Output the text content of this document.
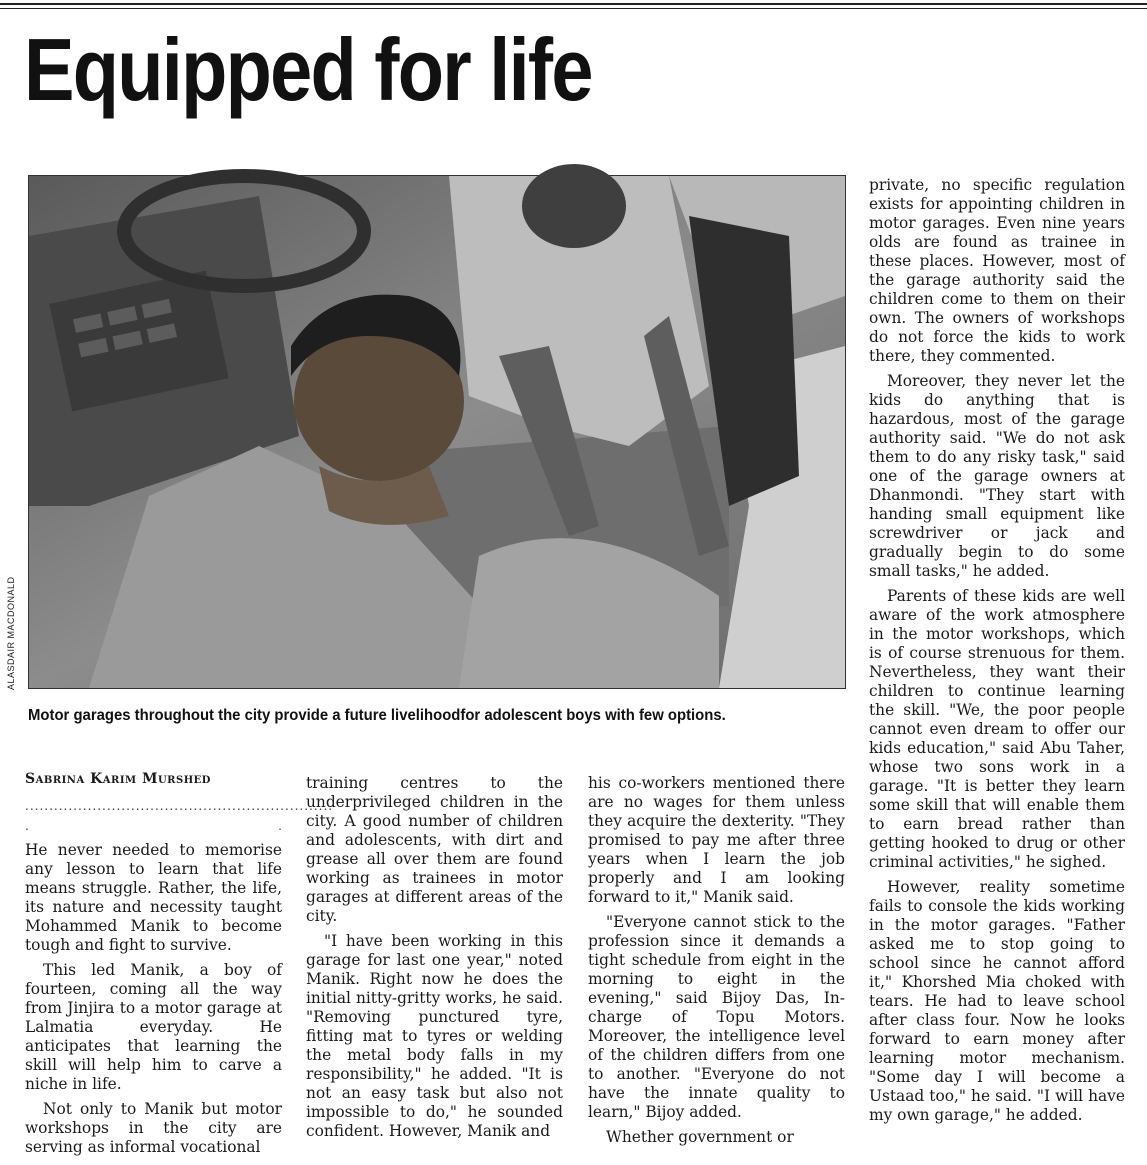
Equipped for life
ALASDAIR MACDONALD
Motor garages throughout the city provide a future livelihoodfor adolescent boys with few options.
Sabrina Karim Murshed
................................................................
.	.

He never needed to memorise any lesson to learn that life means struggle. Rather, the life, its nature and necessity taught Mohammed Manik to become tough and fight to survive.

This led Manik, a boy of fourteen, coming all the way from Jinjira to a motor garage at Lalmatia everyday. He anticipates that learning the skill will help him to carve a niche in life.

Not only to Manik but motor workshops in the city are serving as informal vocational

training centres to the underprivileged children in the city. A good number of children and adolescents, with dirt and grease all over them are found working as trainees in motor garages at different areas of the city.

"I have been working in this garage for last one year," noted Manik. Right now he does the initial nitty-gritty works, he said. "Removing punctured tyre, fitting mat to tyres or welding the metal body falls in my responsibility," he added. "It is not an easy task but also not impossible to do," he sounded confident. However, Manik and

his co-workers mentioned there are no wages for them unless they acquire the dexterity. "They promised to pay me after three years when I learn the job properly and I am looking forward to it," Manik said.

"Everyone cannot stick to the profession since it demands a tight schedule from eight in the morning to eight in the evening," said Bijoy Das, In-charge of Topu Motors. Moreover, the intelligence level of the children differs from one to another. "Everyone do not have the innate quality to learn," Bijoy added.

Whether government or

private, no specific regulation exists for appointing children in motor garages. Even nine years olds are found as trainee in these places. However, most of the garage authority said the children come to them on their own. The owners of workshops do not force the kids to work there, they commented.

Moreover, they never let the kids do anything that is hazardous, most of the garage authority said. "We do not ask them to do any risky task," said one of the garage owners at Dhanmondi. "They start with handing small equipment like screwdriver or jack and gradually begin to do some small tasks," he added.

Parents of these kids are well aware of the work atmosphere in the motor workshops, which is of course strenuous for them. Nevertheless, they want their children to continue learning the skill. "We, the poor people cannot even dream to offer our kids education," said Abu Taher, whose two sons work in a garage. "It is better they learn some skill that will enable them to earn bread rather than getting hooked to drug or other criminal activities," he sighed.

However, reality sometime fails to console the kids working in the motor garages. "Father asked me to stop going to school since he cannot afford it," Khorshed Mia choked with tears. He had to leave school after class four. Now he looks forward to earn money after learning motor mechanism. "Some day I will become a Ustaad too," he said. "I will have my own garage," he added.
